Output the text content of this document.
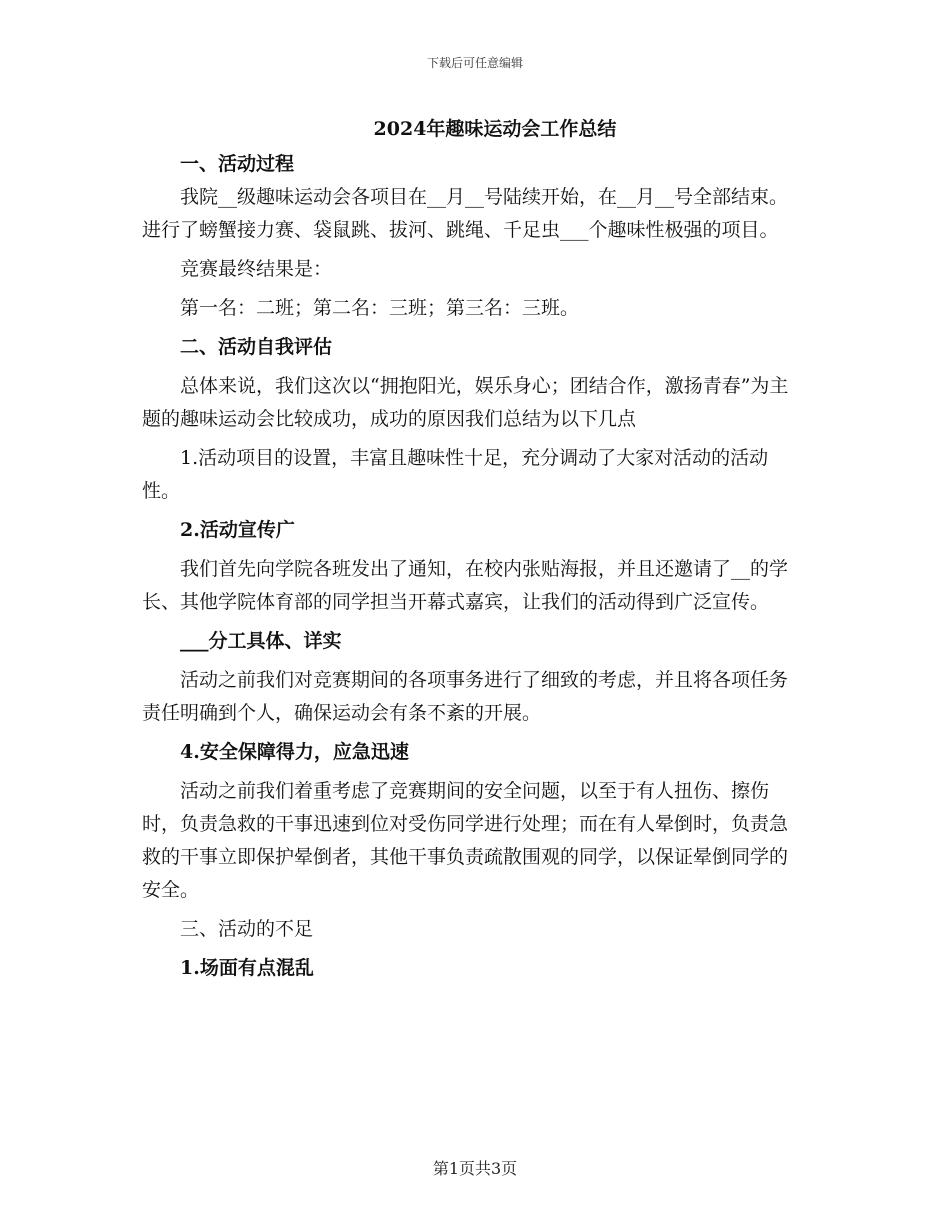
下载后可任意编辑
2024年趣味运动会工作总结

一、活动过程

我院__级趣味运动会各项目在__月__号陆续开始，在__月__号全部结束。进行了螃蟹接力赛、袋鼠跳、拔河、跳绳、千足虫___个趣味性极强的项目。

竞赛最终结果是：

第一名：二班；第二名：三班；第三名：三班。

二、活动自我评估

总体来说，我们这次以“拥抱阳光，娱乐身心；团结合作，激扬青春”为主题的趣味运动会比较成功，成功的原因我们总结为以下几点

1.活动项目的设置，丰富且趣味性十足，充分调动了大家对活动的活动性。

2.活动宣传广

我们首先向学院各班发出了通知，在校内张贴海报，并且还邀请了__的学长、其他学院体育部的同学担当开幕式嘉宾，让我们的活动得到广泛宣传。

___分工具体、详实

活动之前我们对竞赛期间的各项事务进行了细致的考虑，并且将各项任务责任明确到个人，确保运动会有条不紊的开展。

4.安全保障得力，应急迅速

活动之前我们着重考虑了竞赛期间的安全问题，以至于有人扭伤、擦伤时，负责急救的干事迅速到位对受伤同学进行处理；而在有人晕倒时，负责急救的干事立即保护晕倒者，其他干事负责疏散围观的同学，以保证晕倒同学的安全。

三、活动的不足

1.场面有点混乱

第1页共3页
